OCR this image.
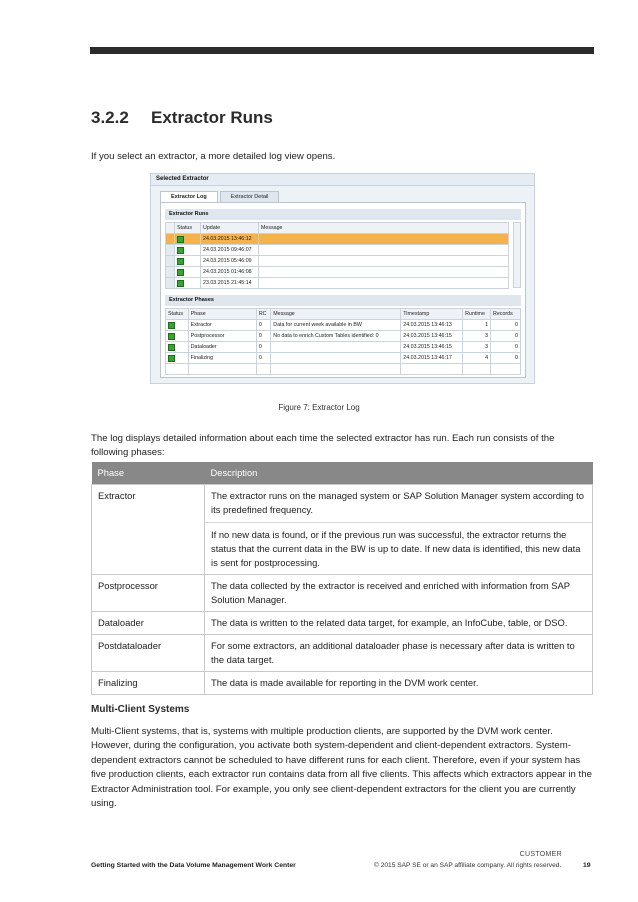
3.2.2 Extractor Runs
If you select an extractor, a more detailed log view opens.
Selected Extractor
Extractor Log	Extractor Detail
Extractor Runs
	Status	Update	Message
		24.03.2015 13:46:12	
		24.03.2015 09:46:07	
		24.03.2015 05:46:09	
		24.03.2015 01:46:08	
		23.03.2015 21:45:14	
Extractor Phases
Status	Phase	RC	Message	Timestamp	Runtime	Records
	Extractor	0	Data for current week available in BW	24.03.2015 13:46:13	1	0
	Postprocessor	0	No data to enrich Custom Tables identified: 0	24.03.2015 13:46:15	3	0
	Dataloader	0		24.03.2015 13:46:15	3	0
	Finalizing	0		24.03.2015 13:46:17	4	0

Figure 7: Extractor Log
The log displays detailed information about each time the selected extractor has run. Each run consists of the following phases:
Phase	Description
Extractor	The extractor runs on the managed system or SAP Solution Manager system according to its predefined frequency.
If no new data is found, or if the previous run was successful, the extractor returns the status that the current data in the BW is up to date. If new data is identified, this new data is sent for postprocessing.

Postprocessor	The data collected by the extractor is received and enriched with information from SAP Solution Manager.
Dataloader	The data is written to the related data target, for example, an InfoCube, table, or DSO.
Postdataloader	For some extractors, an additional dataloader phase is necessary after data is written to the data target.
Finalizing	The data is made available for reporting in the DVM work center.
Multi-Client Systems
Multi-Client systems, that is, systems with multiple production clients, are supported by the DVM work center. However, during the configuration, you activate both system-dependent and client-dependent extractors. System-dependent extractors cannot be scheduled to have different runs for each client. Therefore, even if your system has five production clients, each extractor run contains data from all five clients. This affects which extractors appear in the Extractor Administration tool. For example, you only see client-dependent extractors for the client you are currently using.
CUSTOMER
Getting Started with the Data Volume Management Work Center	© 2015 SAP SE or an SAP affiliate company. All rights reserved.	19
